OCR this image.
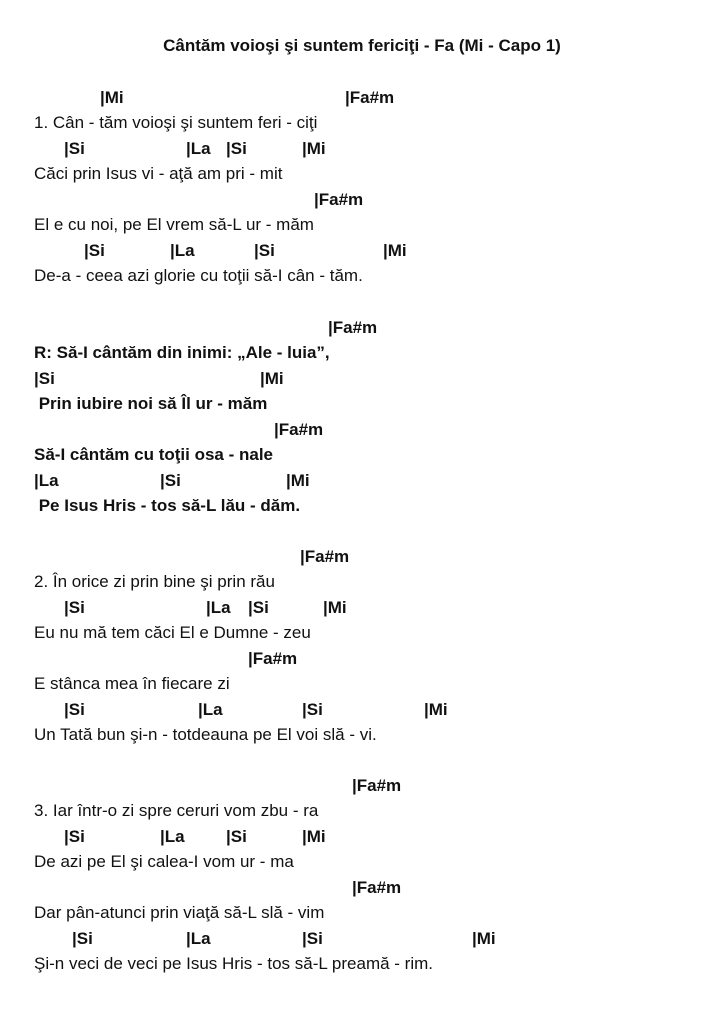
Cântăm voioşi şi suntem fericiţi - Fa (Mi - Capo 1)
|Mi	|Fa#m
1. Cân - tăm voioşi şi suntem feri - ciţi
|Si	|La |Si	|Mi
Căci prin Isus vi - aţă am pri - mit
|Fa#m
El e cu noi, pe El vrem să-L ur - măm
|Si	|La	|Si	|Mi
De-a - ceea azi glorie cu toţii să-I cân - tăm.
|Fa#m
R: Să-I cântăm din inimi: „Ale - luia”,
|Si	|Mi
Prin iubire noi să Îl ur - măm
|Fa#m
Să-I cântăm cu toţii osa - nale
|La	|Si	|Mi
Pe Isus Hris - tos să-L lău - dăm.
|Fa#m
2. În orice zi prin bine şi prin rău
|Si	|La |Si	|Mi
Eu nu mă tem căci El e Dumne - zeu
|Fa#m
E stânca mea în fiecare zi
|Si	|La	|Si	|Mi
Un Tată bun şi-n - totdeauna pe El voi slă - vi.
|Fa#m
3. Iar într-o zi spre ceruri vom zbu - ra
|Si	|La |Si	|Mi
De azi pe El şi calea-I vom ur - ma
|Fa#m
Dar pân-atunci prin viaţă să-L slă - vim
|Si	|La	|Si	|Mi
Şi-n veci de veci pe Isus Hris - tos să-L preamă - rim.
